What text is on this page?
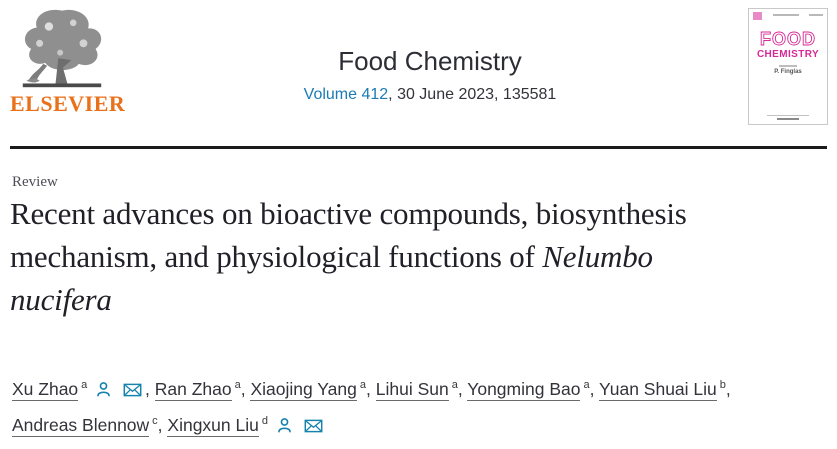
ELSEVIER
Food Chemistry
Volume 412, 30 June 2023, 135581
FOOD
CHEMISTRY
P. Finglas
Review
Recent advances on bioactive compounds, biosynthesis mechanism, and physiological functions of Nelumbo nucifera
Xu Zhao $^a$
	, Ran Zhao $^a$, Xiaojing Yang $^a$, Lihui Sun $^a$, Yongming Bao $^a$, Yuan Shuai Liu $^b$,
Andreas Blennow $^c$, Xingxun Liu $^d$
